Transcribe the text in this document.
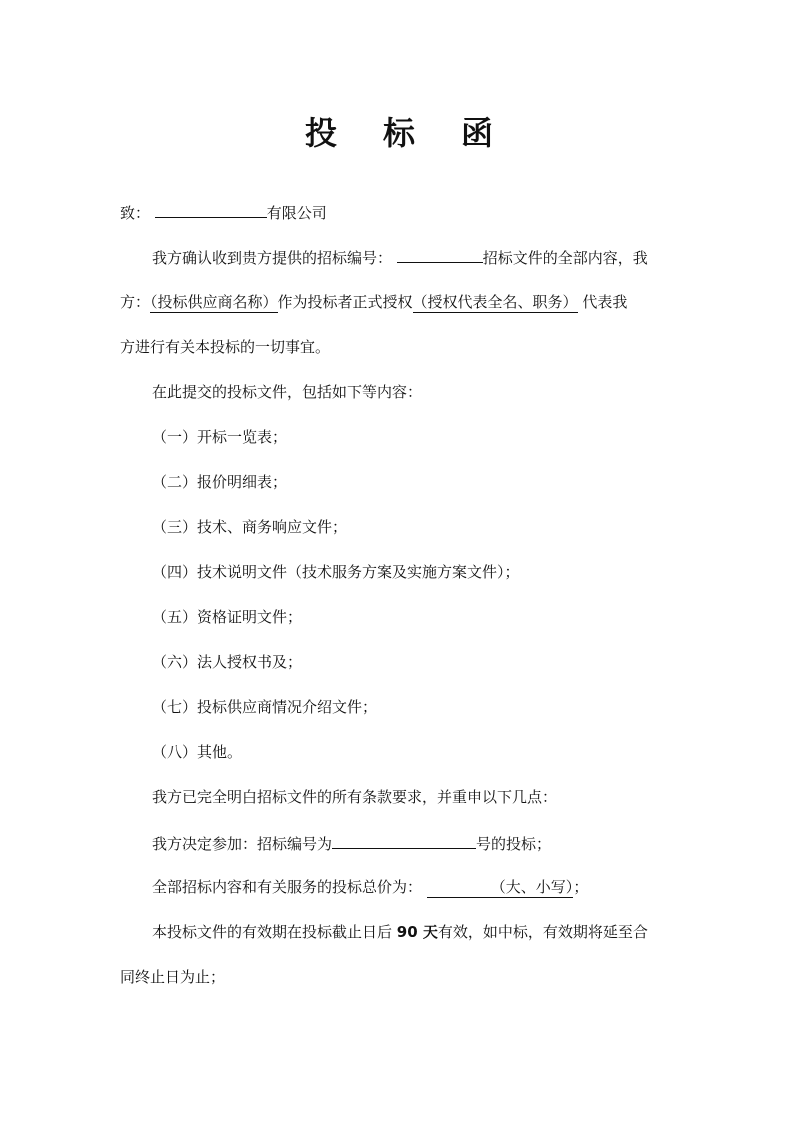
投 标 函
致：	有限公司
我方确认收到贵方提供的招标编号：	招标文件的全部内容，我
方：（投标供应商名称）作为投标者正式授权（授权代表全名、职务） 代表我
方进行有关本投标的一切事宜。
在此提交的投标文件，包括如下等内容：
（一）开标一览表；
（二）报价明细表；
（三）技术、商务响应文件；
（四）技术说明文件（技术服务方案及实施方案文件）；
（五）资格证明文件；
（六）法人授权书及；
（七）投标供应商情况介绍文件；
（八）其他。
我方已完全明白招标文件的所有条款要求，并重申以下几点：
我方决定参加：招标编号为	号的投标；
全部招标内容和有关服务的投标总价为：	（大、小写）；
本投标文件的有效期在投标截止日后 90 天有效，如中标，有效期将延至合
同终止日为止；
